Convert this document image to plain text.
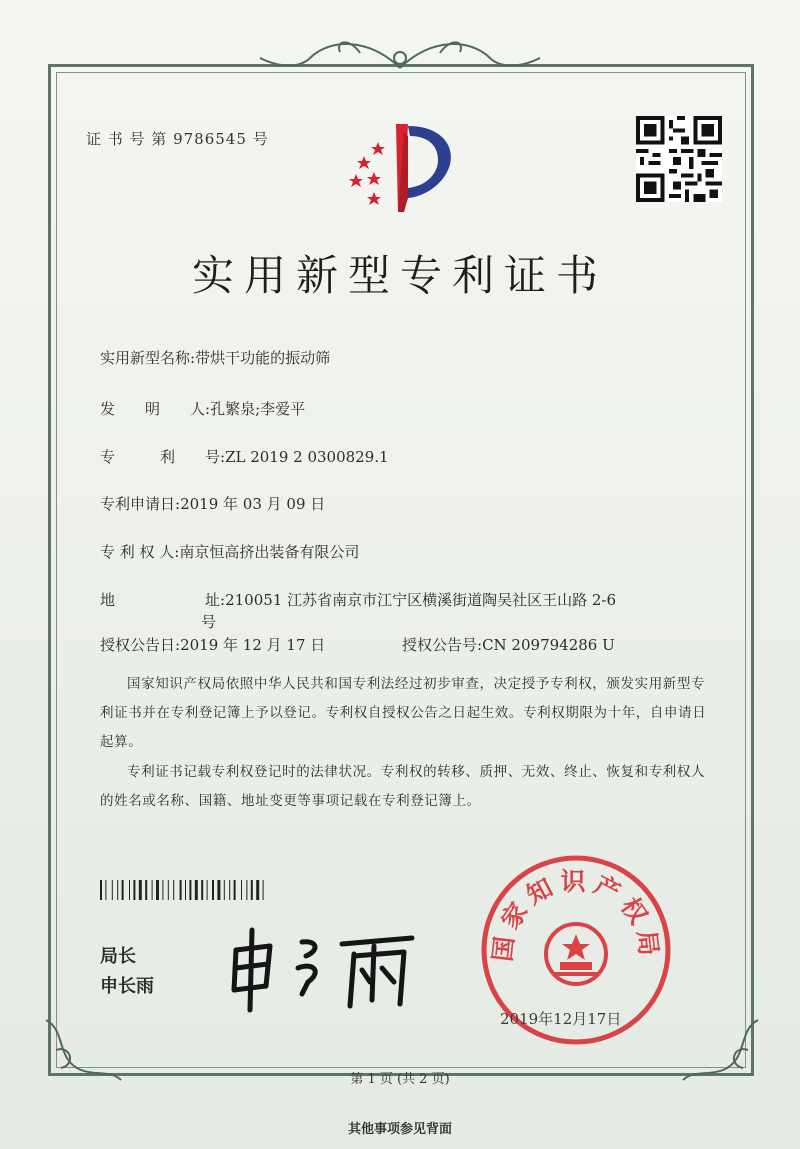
证 书 号 第 9786545 号
实用新型专利证书
实用新型名称:带烘干功能的振动筛
发　　明　　人:孔繁泉;李爱平
专　　　利　　号:ZL 2019 2 0300829.1
专利申请日:2019 年 03 月 09 日
专 利 权 人:南京恒高挤出装备有限公司
地　　　　　　址:210051 江苏省南京市江宁区横溪街道陶吴社区王山路 2-6
号
授权公告日:2019 年 12 月 17 日	授权公告号:CN 209794286 U
国家知识产权局依照中华人民共和国专利法经过初步审查，决定授予专利权，颁发实用新型专利证书并在专利登记簿上予以登记。专利权自授权公告之日起生效。专利权期限为十年，自申请日起算。
专利证书记载专利权登记时的法律状况。专利权的转移、质押、无效、终止、恢复和专利权人的姓名或名称、国籍、地址变更等事项记载在专利登记簿上。
局长
申长雨
国家知识产权局
2019年12月17日
第 1 页 (共 2 页)
其他事项参见背面
